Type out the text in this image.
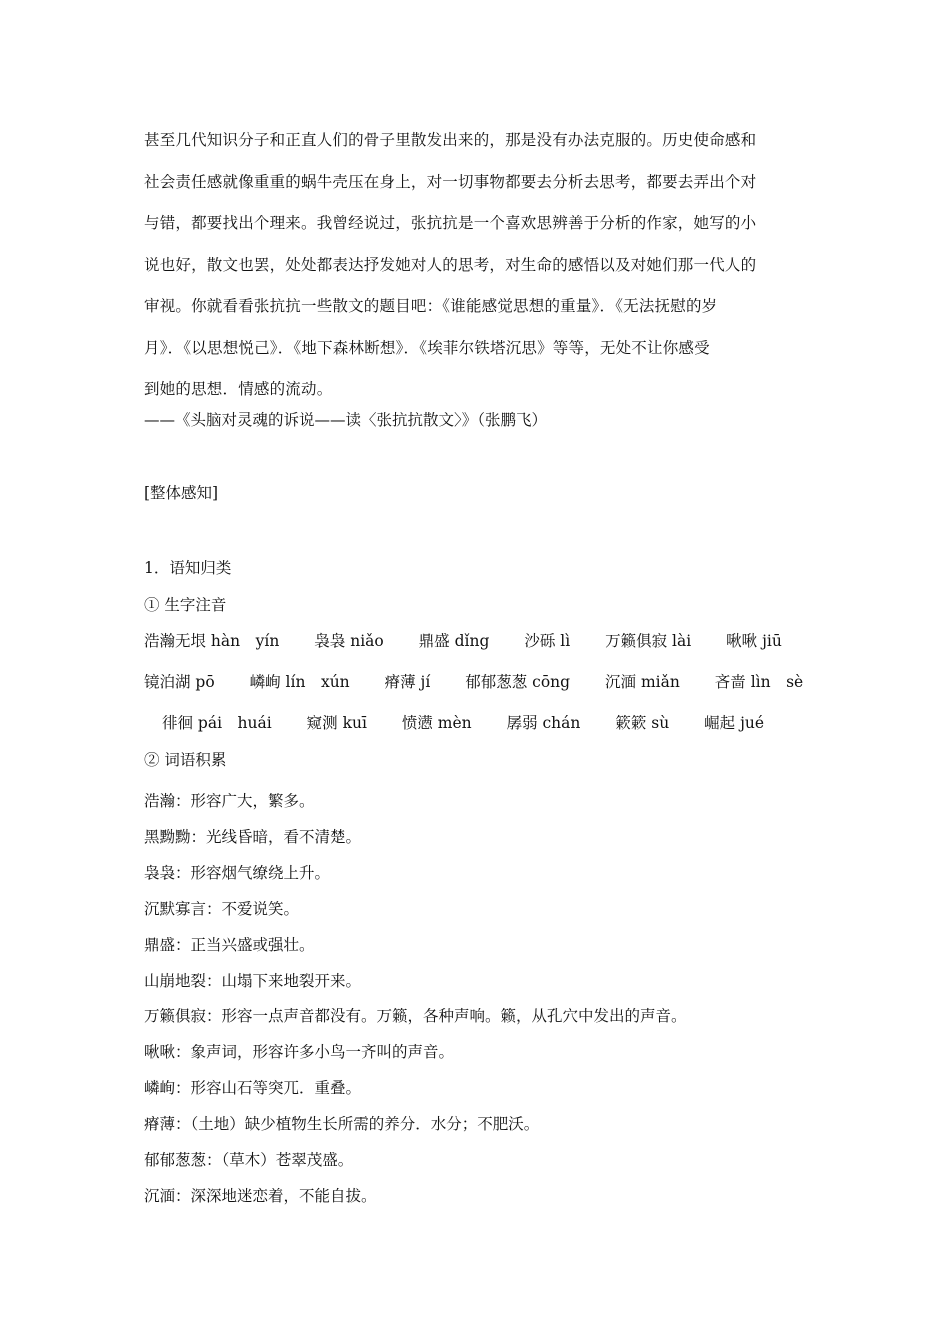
甚至几代知识分子和正直人们的骨子里散发出来的，那是没有办法克服的。历史使命感和
社会责任感就像重重的蜗牛壳压在身上，对一切事物都要去分析去思考，都要去弄出个对
与错，都要找出个理来。我曾经说过，张抗抗是一个喜欢思辨善于分析的作家，她写的小
说也好，散文也罢，处处都表达抒发她对人的思考，对生命的感悟以及对她们那一代人的
审视。你就看看张抗抗一些散文的题目吧：《谁能感觉思想的重量》．《无法抚慰的岁
月》．《以思想悦己》．《地下森林断想》．《埃菲尔铁塔沉思》等等，无处不让你感受
到她的思想．情感的流动。
——《头脑对灵魂的诉说——读〈张抗抗散文〉》（张鹏飞）
[整体感知]
1．语知归类
① 生字注音
浩瀚无垠 hàn　yín 袅袅 niǎo 鼎盛 dǐng 沙砾 lì 万籁俱寂 lài 啾啾 jiū
镜泊湖 pō 嶙峋 lín　xún 瘠薄 jí 郁郁葱葱 cōng 沉湎 miǎn 吝啬 lìn　sè
徘徊 pái　huái 窥测 kuī 愤懑 mèn 孱弱 chán 簌簌 sù 崛起 jué
② 词语积累
浩瀚：形容广大，繁多。
黑黝黝：光线昏暗，看不清楚。
袅袅：形容烟气缭绕上升。
沉默寡言：不爱说笑。
鼎盛：正当兴盛或强壮。
山崩地裂：山塌下来地裂开来。
万籁俱寂：形容一点声音都没有。万籁，各种声响。籁，从孔穴中发出的声音。
啾啾：象声词，形容许多小鸟一齐叫的声音。
嶙峋：形容山石等突兀．重叠。
瘠薄：（土地）缺少植物生长所需的养分．水分；不肥沃。
郁郁葱葱：（草木）苍翠茂盛。
沉湎：深深地迷恋着，不能自拔。
